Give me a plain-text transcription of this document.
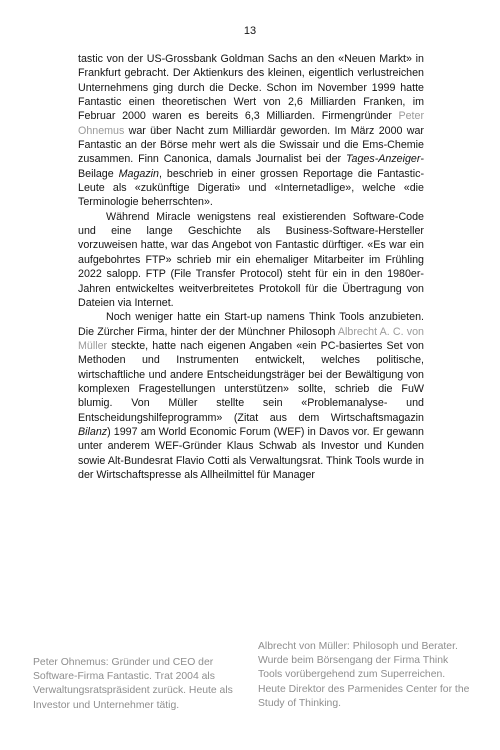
13

tastic von der US-Grossbank Goldman Sachs an den «Neuen Markt» in Frankfurt gebracht. Der Aktienkurs des kleinen, eigentlich verlustreichen Unternehmens ging durch die Decke. Schon im November 1999 hatte Fantastic einen theoretischen Wert von 2,6 Milliarden Franken, im Februar 2000 waren es bereits 6,3 Milliarden. Firmengründer Peter Ohnemus war über Nacht zum Milliardär geworden. Im März 2000 war Fantastic an der Börse mehr wert als die Swissair und die Ems-Chemie zusammen. Finn Canonica, damals Journalist bei der Tages-Anzeiger-Beilage Magazin, beschrieb in einer grossen Reportage die Fantastic-Leute als «zukünftige Digerati» und «Internetadlige», welche «die Terminologie beherrschten».

Während Miracle wenigstens real existierenden Software-Code und eine lange Geschichte als Business-Software-Hersteller vorzuweisen hatte, war das Angebot von Fantastic dürftiger. «Es war ein aufgebohrtes FTP» schrieb mir ein ehemaliger Mitarbeiter im Frühling 2022 salopp. FTP (File Transfer Protocol) steht für ein in den 1980er-Jahren entwickeltes weitverbreitetes Protokoll für die Übertragung von Dateien via Internet.

Noch weniger hatte ein Start-up namens Think Tools anzubieten. Die Zürcher Firma, hinter der der Münchner Philosoph Albrecht A. C. von Müller steckte, hatte nach eigenen Angaben «ein PC-basiertes Set von Methoden und Instrumenten entwickelt, welches politische, wirtschaftliche und andere Entscheidungsträger bei der Bewältigung von komplexen Fragestellungen unterstützen» sollte, schrieb die FuW blumig. Von Müller stellte sein «Problemanalyse- und Entscheidungshilfeprogramm» (Zitat aus dem Wirtschaftsmagazin Bilanz) 1997 am World Economic Forum (WEF) in Davos vor. Er gewann unter anderem WEF-Gründer Klaus Schwab als Investor und Kunden sowie Alt-Bundesrat Flavio Cotti als Verwaltungsrat. Think Tools wurde in der Wirtschaftspresse als Allheilmittel für Manager

Peter Ohnemus: Gründer und CEO der Software-Firma Fantastic. Trat 2004 als Verwaltungsratspräsident zurück. Heute als Investor und Unternehmer tätig.
Albrecht von Müller: Philosoph und Berater. Wurde beim Börsengang der Firma Think Tools vorübergehend zum Superreichen. Heute Direktor des Parmenides Center for the Study of Thinking.
